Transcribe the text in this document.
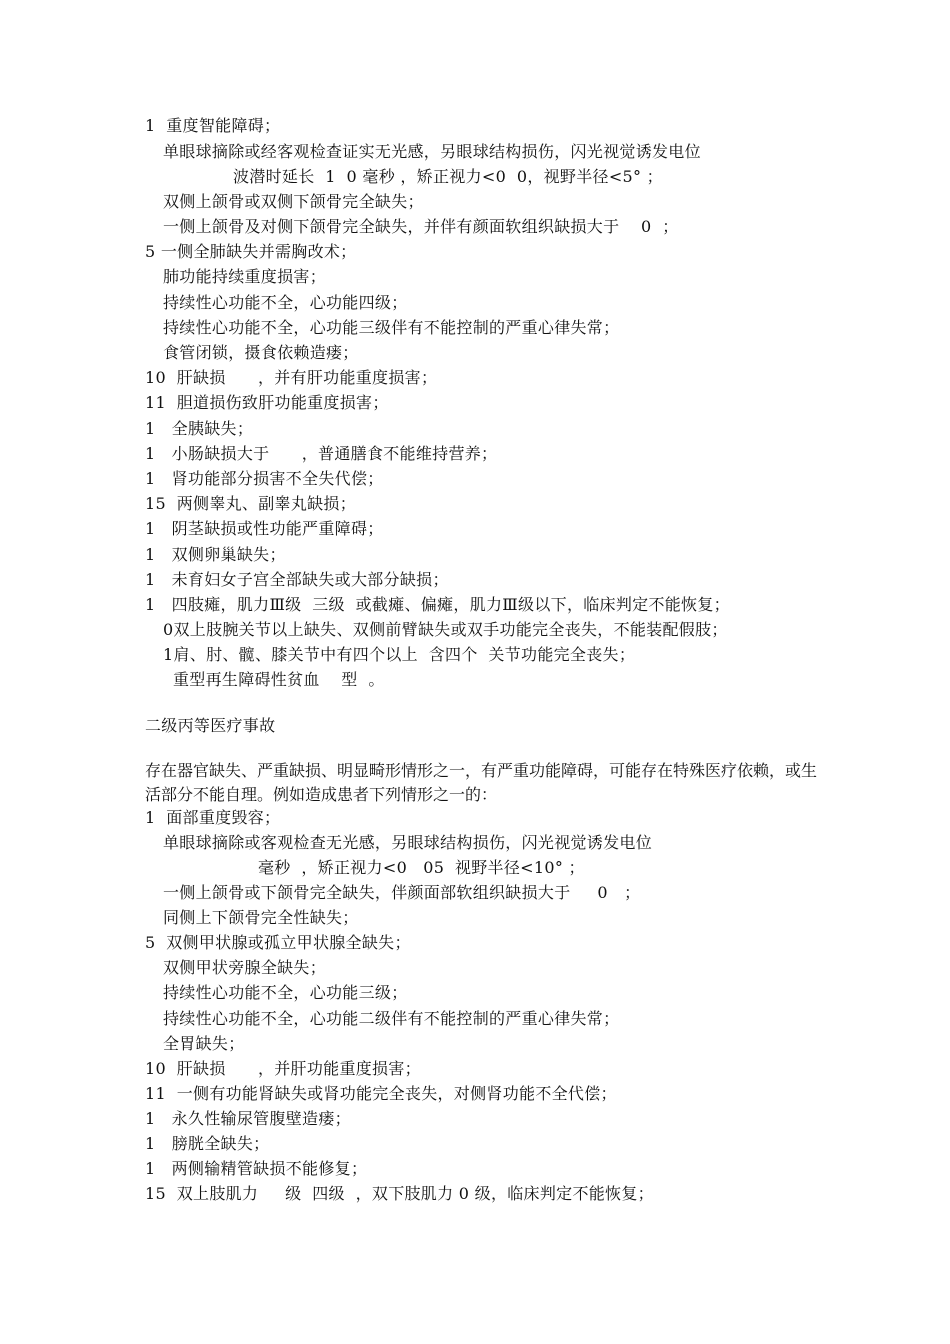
1  重度智能障碍；
单眼球摘除或经客观检查证实无光感，另眼球结构损伤，闪光视觉诱发电位
波潜时延长  1  0 毫秒 ，矫正视力<0  0，视野半径<5° ；
双侧上颌骨或双侧下颌骨完全缺失；
一侧上颌骨及对侧下颌骨完全缺失，并伴有颜面软组织缺损大于    0  ；
5 一侧全肺缺失并需胸改术；
肺功能持续重度损害；
持续性心功能不全，心功能四级；
持续性心功能不全，心功能三级伴有不能控制的严重心律失常；
食管闭锁，摄食依赖造瘘；
10  肝缺损      ，并有肝功能重度损害；
11  胆道损伤致肝功能重度损害；
1   全胰缺失；
1   小肠缺损大于      ，普通膳食不能维持营养；
1   肾功能部分损害不全失代偿；
15  两侧睾丸、副睾丸缺损；
1   阴茎缺损或性功能严重障碍；
1   双侧卵巢缺失；
1   未育妇女子宫全部缺失或大部分缺损；
1   四肢瘫，肌力Ⅲ级  三级  或截瘫、偏瘫，肌力Ⅲ级以下，临床判定不能恢复；
0双上肢腕关节以上缺失、双侧前臂缺失或双手功能完全丧失，不能装配假肢；
1肩、肘、髋、膝关节中有四个以上  含四个  关节功能完全丧失；
重型再生障碍性贫血    型  。
二级丙等医疗事故
存在器官缺失、严重缺损、明显畸形情形之一，有严重功能障碍，可能存在特殊医疗依赖，或生活部分不能自理。例如造成患者下列情形之一的：
1  面部重度毁容；
单眼球摘除或客观检查无光感，另眼球结构损伤，闪光视觉诱发电位
毫秒  ，矫正视力<0   05  视野半径<10° ；
一侧上颌骨或下颌骨完全缺失，伴颜面部软组织缺损大于     0   ；
同侧上下颌骨完全性缺失；
5  双侧甲状腺或孤立甲状腺全缺失；
双侧甲状旁腺全缺失；
持续性心功能不全，心功能三级；
持续性心功能不全，心功能二级伴有不能控制的严重心律失常；
全胃缺失；
10  肝缺损      ，并肝功能重度损害；
11  一侧有功能肾缺失或肾功能完全丧失，对侧肾功能不全代偿；
1   永久性输尿管腹壁造瘘；
1   膀胱全缺失；
1   两侧输精管缺损不能修复；
15  双上肢肌力     级  四级  ，双下肢肌力 0 级，临床判定不能恢复；
